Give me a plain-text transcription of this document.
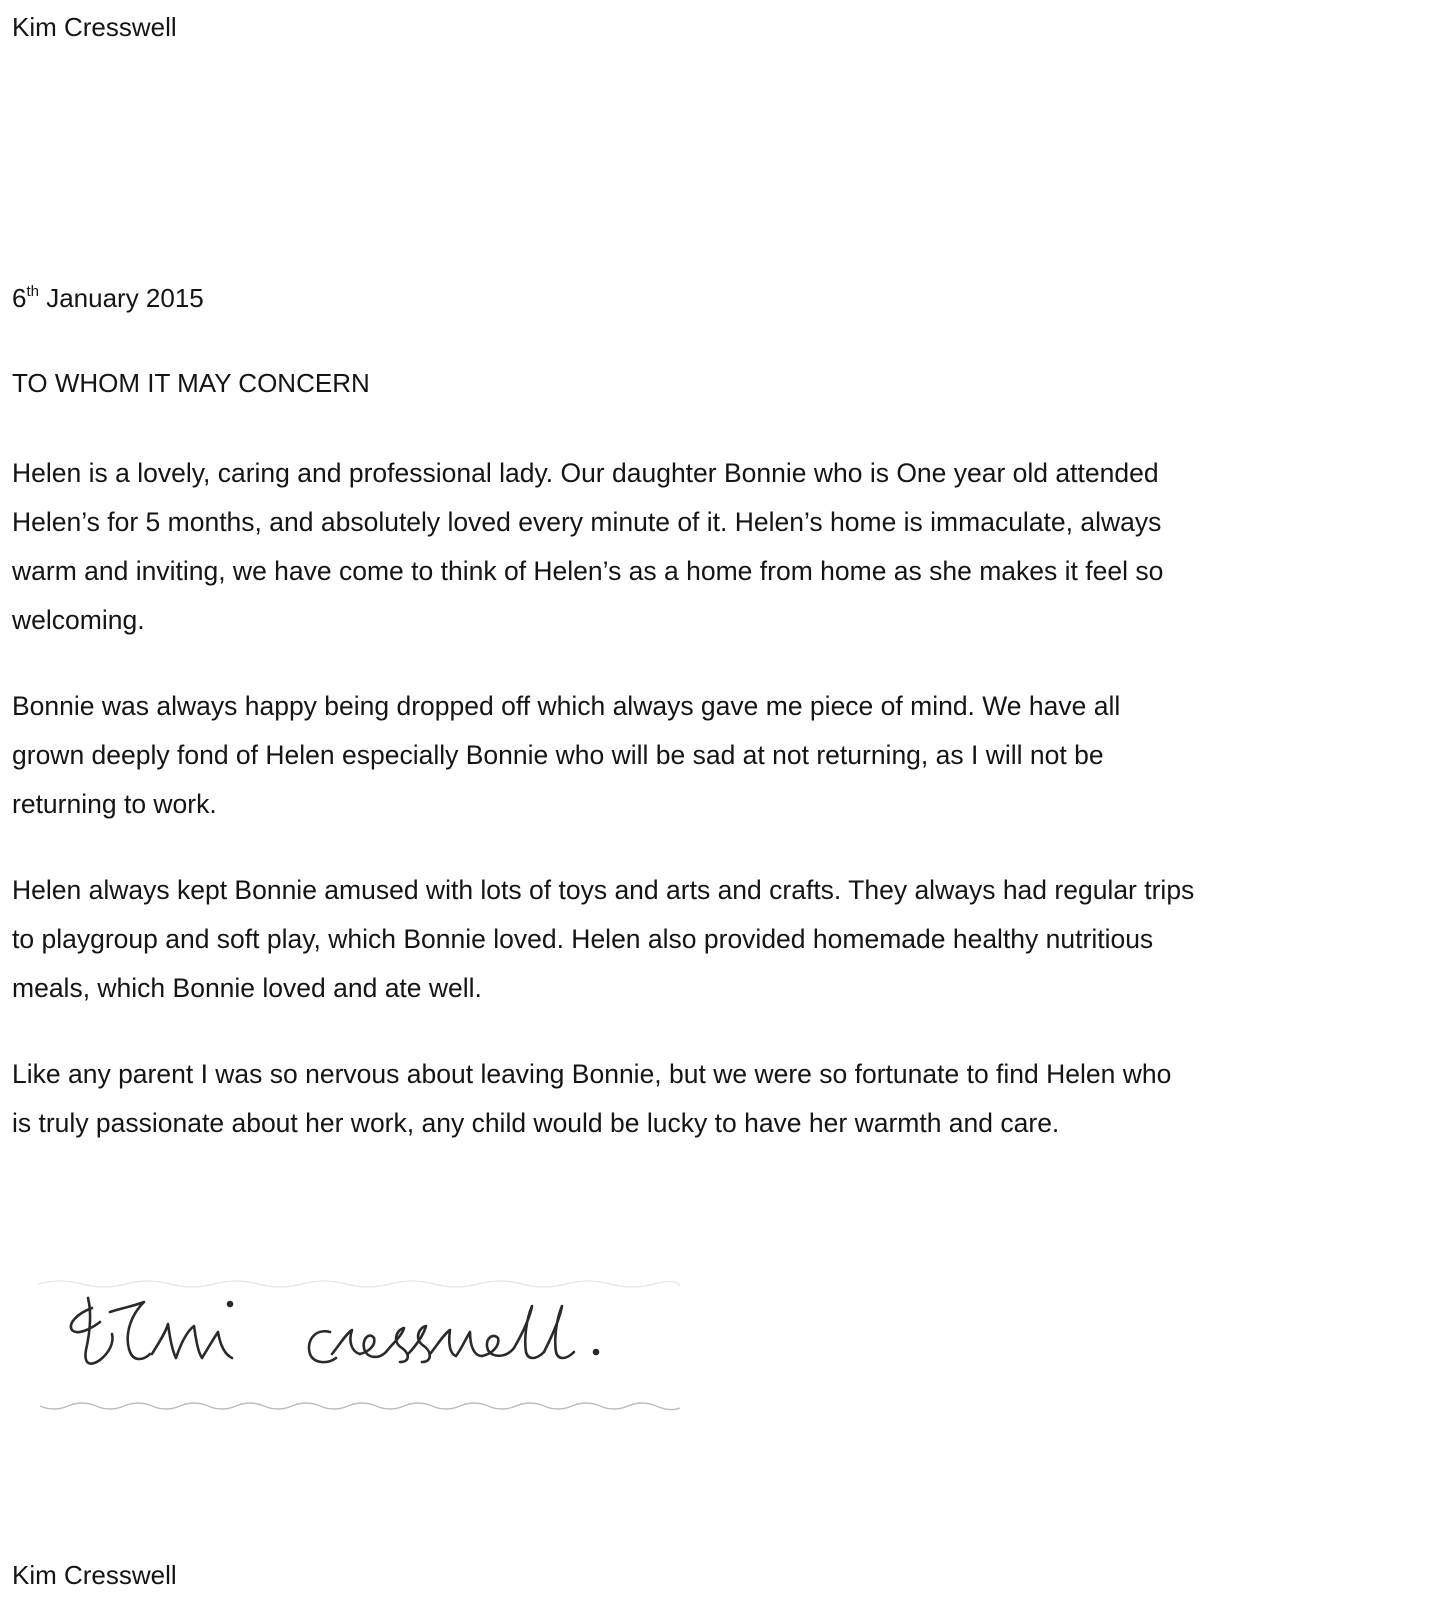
Kim Cresswell
6th January 2015
TO WHOM IT MAY CONCERN

Helen is a lovely, caring and professional lady. Our daughter Bonnie who is One year old attended
Helen’s for 5 months, and absolutely loved every minute of it. Helen’s home is immaculate, always
warm and inviting, we have come to think of Helen’s as a home from home as she makes it feel so
welcoming.

Bonnie was always happy being dropped off which always gave me piece of mind. We have all
grown deeply fond of Helen especially Bonnie who will be sad at not returning, as I will not be
returning to work.

Helen always kept Bonnie amused with lots of toys and arts and crafts. They always had regular trips
to playgroup and soft play, which Bonnie loved. Helen also provided homemade healthy nutritious
meals, which Bonnie loved and ate well.

Like any parent I was so nervous about leaving Bonnie, but we were so fortunate to find Helen who
is truly passionate about her work, any child would be lucky to have her warmth and care.

Kim Cresswell
